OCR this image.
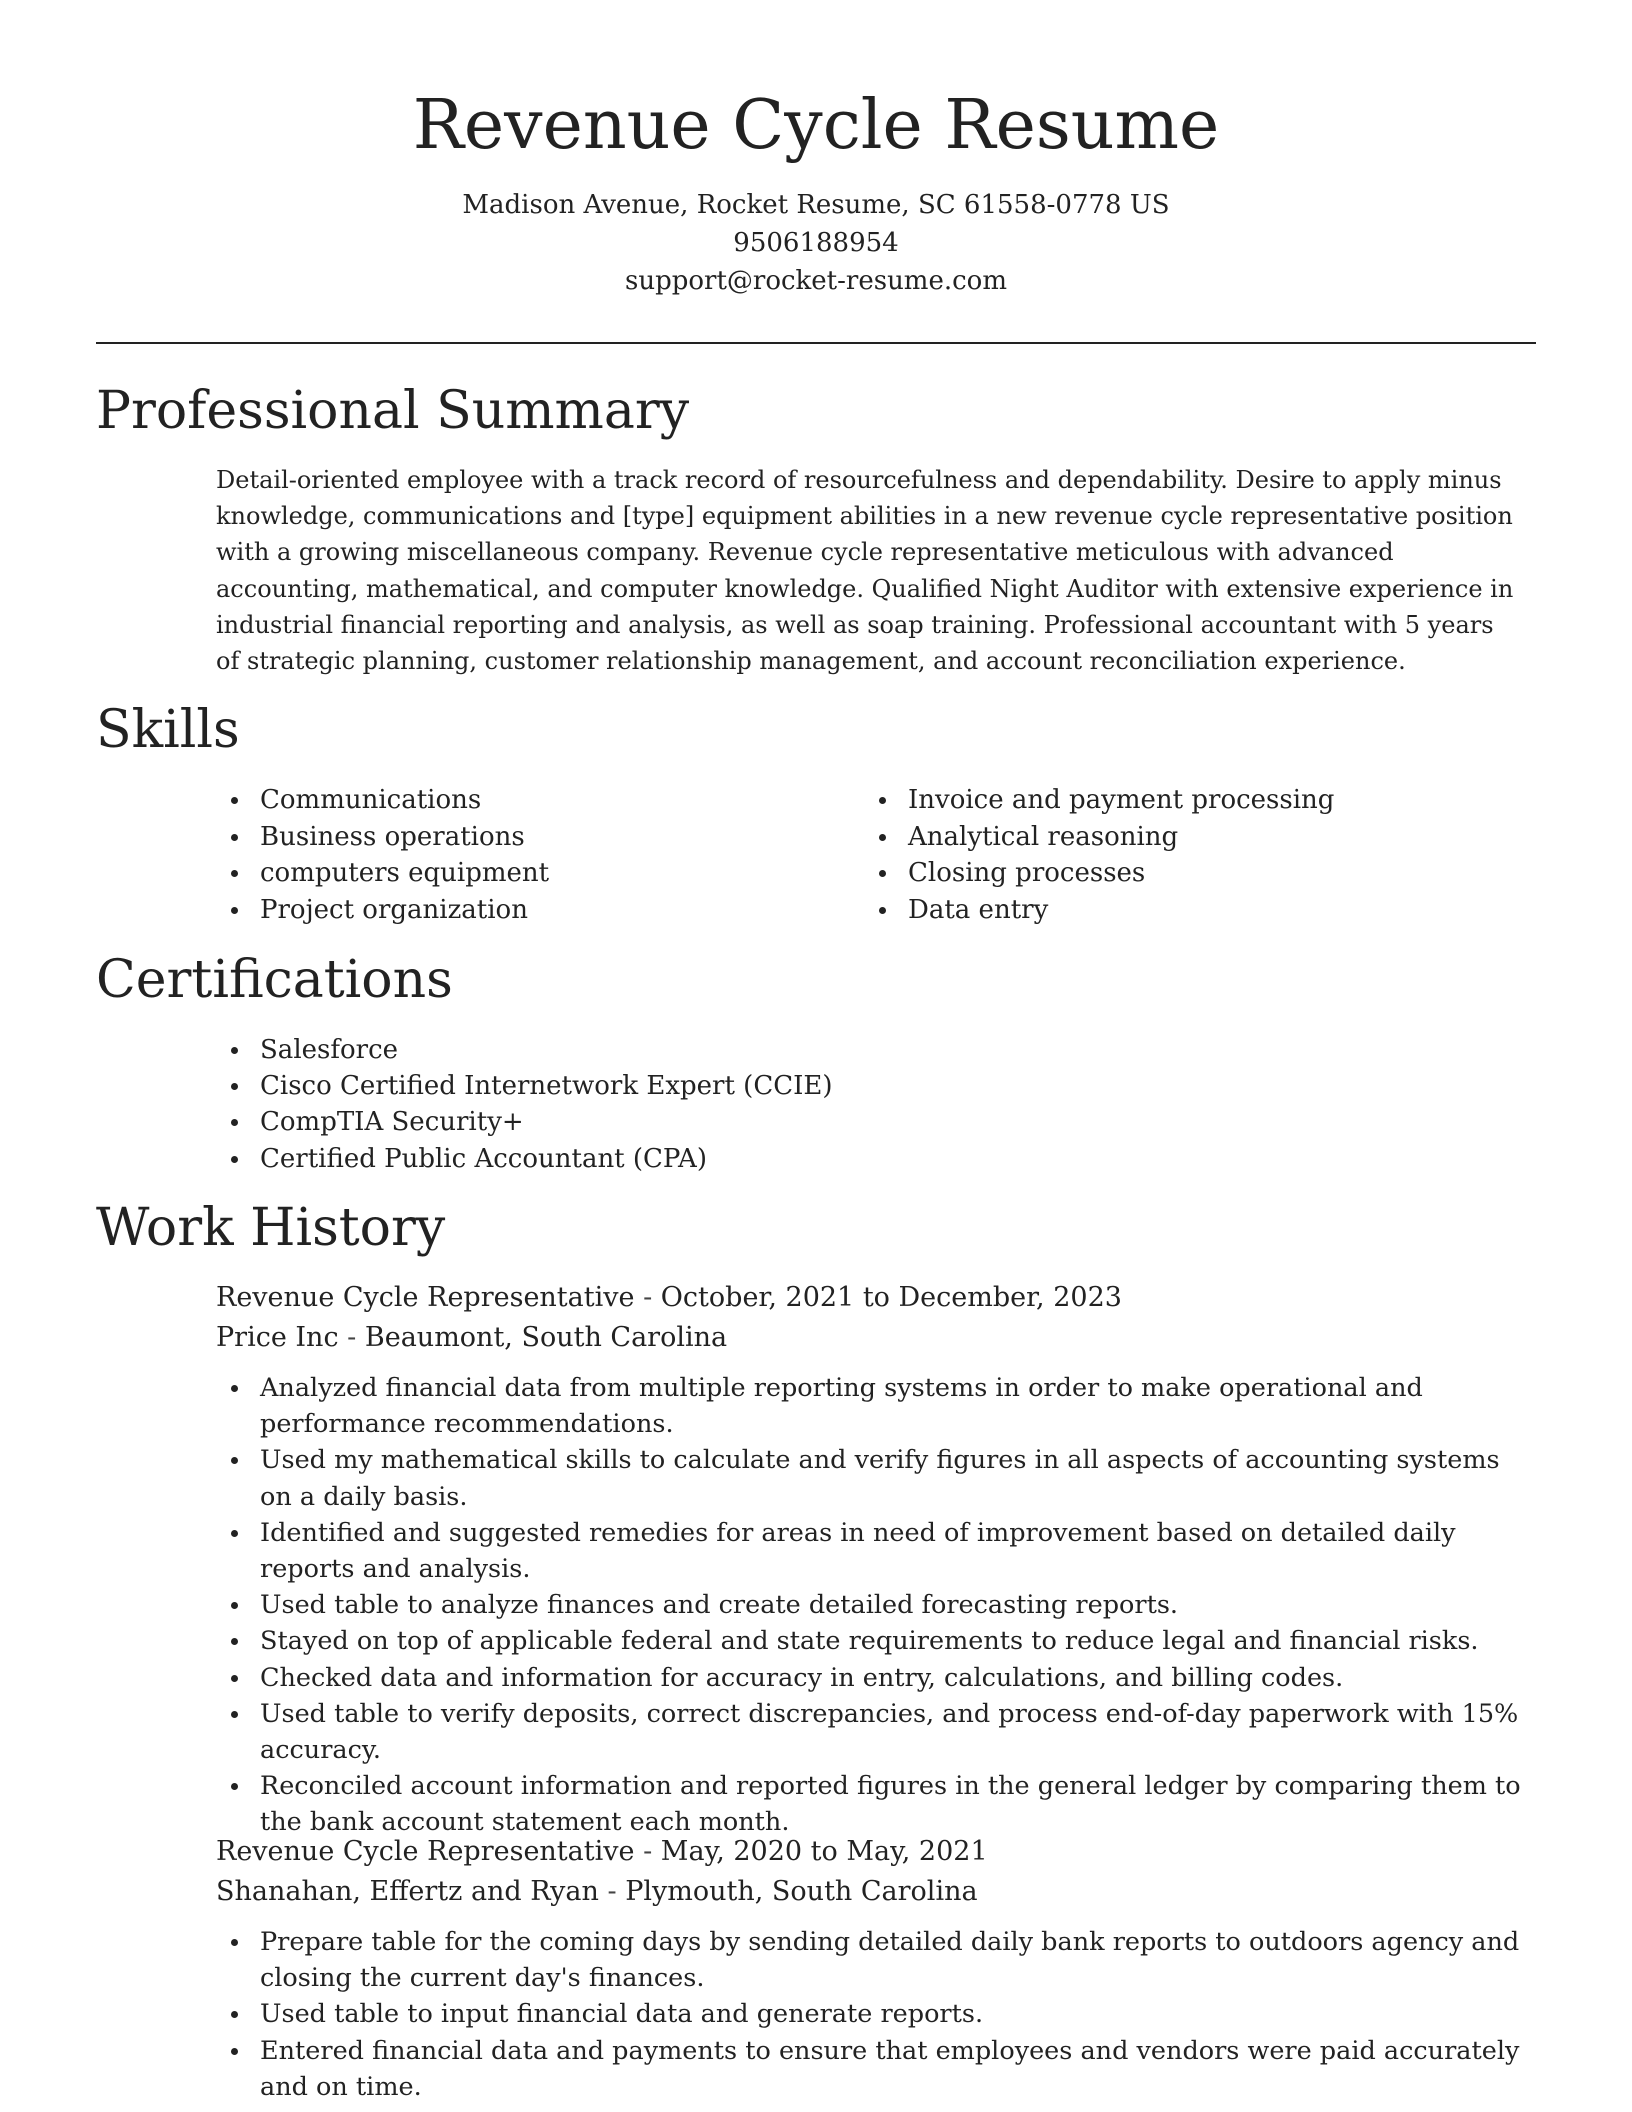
Revenue Cycle Resume
Madison Avenue, Rocket Resume, SC 61558-0778 US
9506188954
support@rocket-resume.com
Professional Summary

Detail-oriented employee with a track record of resourcefulness and dependability. Desire to apply minus knowledge, communications and [type] equipment abilities in a new revenue cycle representative position with a growing miscellaneous company. Revenue cycle representative meticulous with advanced accounting, mathematical, and computer knowledge. Qualified Night Auditor with extensive experience in industrial financial reporting and analysis, as well as soap training. Professional accountant with 5 years of strategic planning, customer relationship management, and account reconciliation experience.

Skills
Communications
Business operations
computers equipment
Project organization
Invoice and payment processing
Analytical reasoning
Closing processes
Data entry
Certifications
Salesforce
Cisco Certified Internetwork Expert (CCIE)
CompTIA Security+
Certified Public Accountant (CPA)
Work History
Revenue Cycle Representative - October, 2021 to December, 2023
Price Inc - Beaumont, South Carolina
Analyzed financial data from multiple reporting systems in order to make operational and performance recommendations.
Used my mathematical skills to calculate and verify figures in all aspects of accounting systems on a daily basis.
Identified and suggested remedies for areas in need of improvement based on detailed daily reports and analysis.
Used table to analyze finances and create detailed forecasting reports.
Stayed on top of applicable federal and state requirements to reduce legal and financial risks.
Checked data and information for accuracy in entry, calculations, and billing codes.
Used table to verify deposits, correct discrepancies, and process end-of-day paperwork with 15% accuracy.
Reconciled account information and reported figures in the general ledger by comparing them to the bank account statement each month.
Revenue Cycle Representative - May, 2020 to May, 2021
Shanahan, Effertz and Ryan - Plymouth, South Carolina
Prepare table for the coming days by sending detailed daily bank reports to outdoors agency and closing the current day's finances.
Used table to input financial data and generate reports.
Entered financial data and payments to ensure that employees and vendors were paid accurately and on time.
